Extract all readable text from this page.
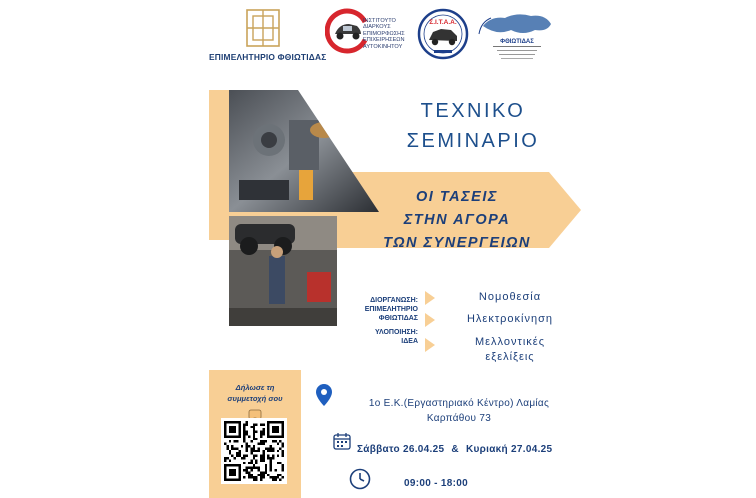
ΕΠΙΜΕΛΗΤΗΡΙΟ ΦΘΙΩΤΙΔΑΣ
ΙΝΣΤΙΤΟΥΤΟ
ΔΙΑΡΚΟΥΣ
ΕΠΙΜΟΡΦΩΣΗΣ
ΕΠΙΧΕΙΡΗΣΕΩΝ
ΑΥΤΟΚΙΝΗΤΟΥ
Σ.Ι.Τ.Α.Α.
ΦΘΙΩΤΙΔΑΣ
ΤΕΧΝΙΚΟ
ΣΕΜΙΝΑΡΙΟ
ΟΙ ΤΑΣΕΙΣ
ΣΤΗΝ ΑΓΟΡΑ
ΤΩΝ ΣΥΝΕΡΓΕΙΩΝ
ΔΙΟΡΓΑΝΩΣΗ:
ΕΠΙΜΕΛΗΤΗΡΙΟ
ΦΘΙΩΤΙΔΑΣ
ΥΛΟΠΟΙΗΣΗ:
ΙΔΕΑ
Νομοθεσία
Ηλεκτροκίνηση
Μελλοντικές
εξελίξεις
Δήλωσε τη
συμμετοχή σου	1ο Ε.Κ.(Εργαστηριακό Κέντρο) Λαμίας
Καρπάθου 73
Σάββατο 26.04.25 & Κυριακή 27.04.25
09:00 - 18:00
